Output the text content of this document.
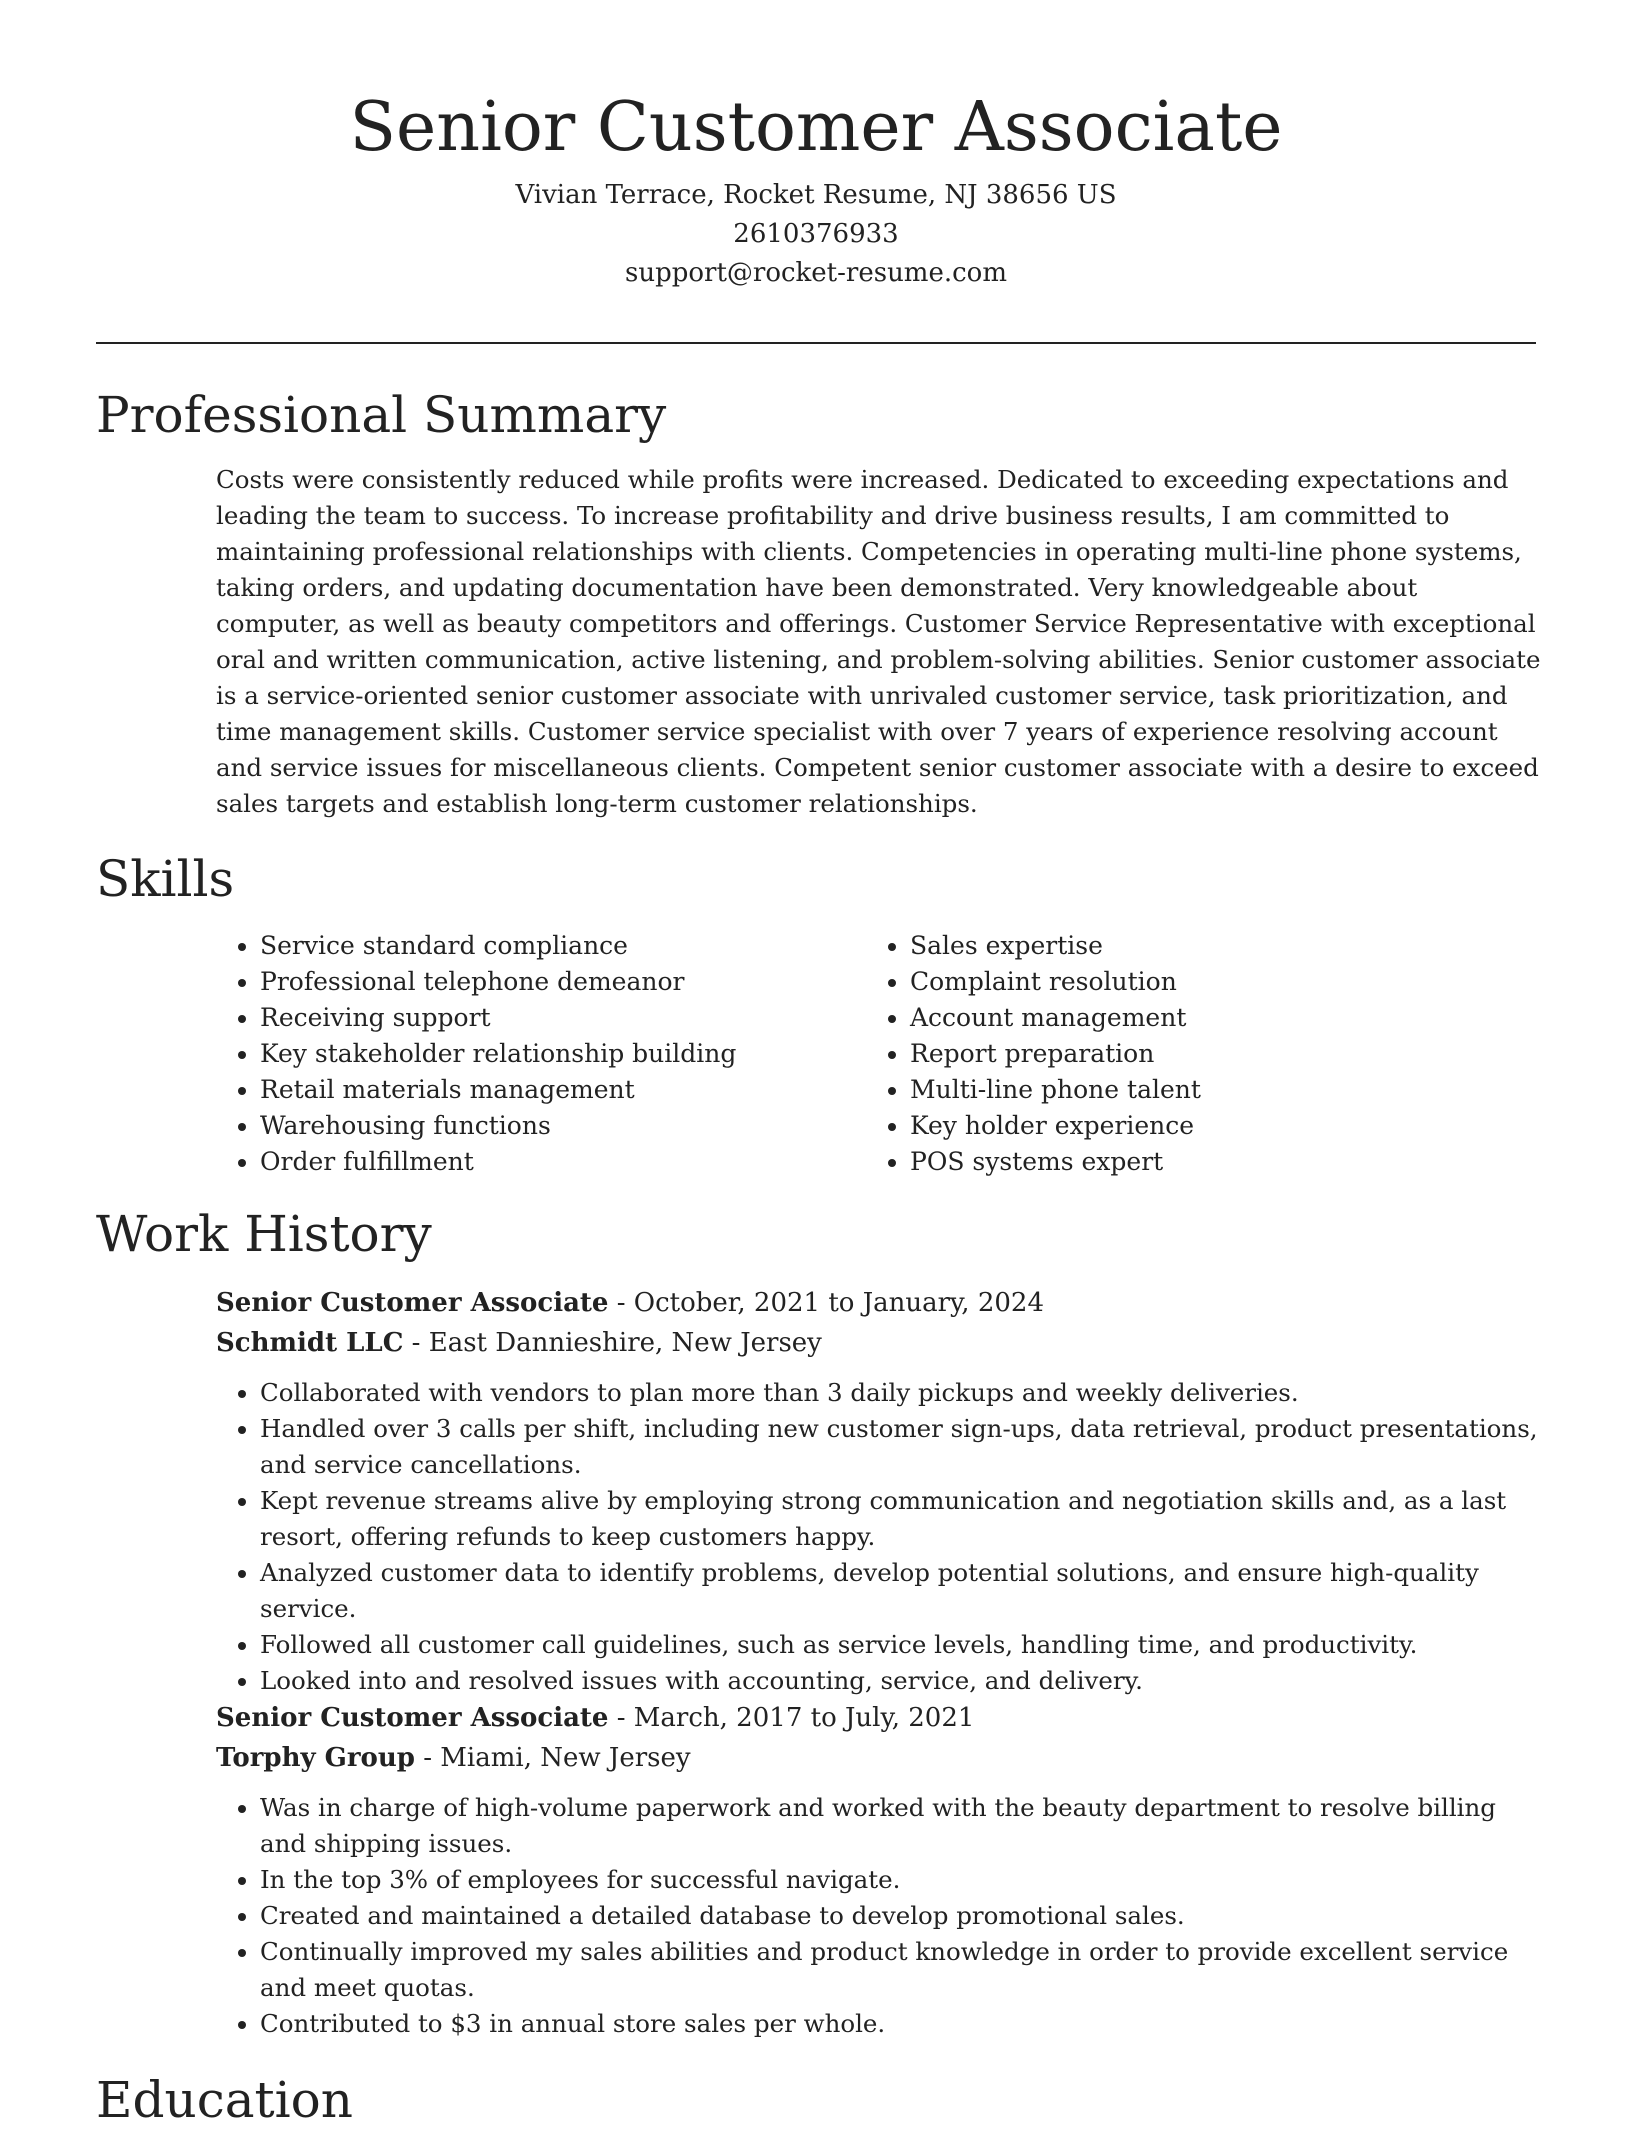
Senior Customer Associate
Vivian Terrace, Rocket Resume, NJ 38656 US
2610376933
support@rocket-resume.com
Professional Summary

Costs were consistently reduced while profits were increased. Dedicated to exceeding expectations and leading the team to success. To increase profitability and drive business results, I am committed to maintaining professional relationships with clients. Competencies in operating multi-line phone systems, taking orders, and updating documentation have been demonstrated. Very knowledgeable about computer, as well as beauty competitors and offerings. Customer Service Representative with exceptional oral and written communication, active listening, and problem-solving abilities. Senior customer associate is a service-oriented senior customer associate with unrivaled customer service, task prioritization, and time management skills. Customer service specialist with over 7 years of experience resolving account and service issues for miscellaneous clients. Competent senior customer associate with a desire to exceed sales targets and establish long-term customer relationships.

Skills
• Service standard compliance
• Professional telephone demeanor
• Receiving support
• Key stakeholder relationship building
• Retail materials management
• Warehousing functions
• Order fulfillment
• Sales expertise
• Complaint resolution
• Account management
• Report preparation
• Multi-line phone talent
• Key holder experience
• POS systems expert
Work History
Senior Customer Associate - October, 2021 to January, 2024
Schmidt LLC - East Dannieshire, New Jersey
• Collaborated with vendors to plan more than 3 daily pickups and weekly deliveries.
• Handled over 3 calls per shift, including new customer sign-ups, data retrieval, product presentations, and service cancellations.
• Kept revenue streams alive by employing strong communication and negotiation skills and, as a last resort, offering refunds to keep customers happy.
• Analyzed customer data to identify problems, develop potential solutions, and ensure high-quality service.
• Followed all customer call guidelines, such as service levels, handling time, and productivity.
• Looked into and resolved issues with accounting, service, and delivery.
Senior Customer Associate - March, 2017 to July, 2021
Torphy Group - Miami, New Jersey
• Was in charge of high-volume paperwork and worked with the beauty department to resolve billing and shipping issues.
• In the top 3% of employees for successful navigate.
• Created and maintained a detailed database to develop promotional sales.
• Continually improved my sales abilities and product knowledge in order to provide excellent service and meet quotas.
• Contributed to $3 in annual store sales per whole.
Education
